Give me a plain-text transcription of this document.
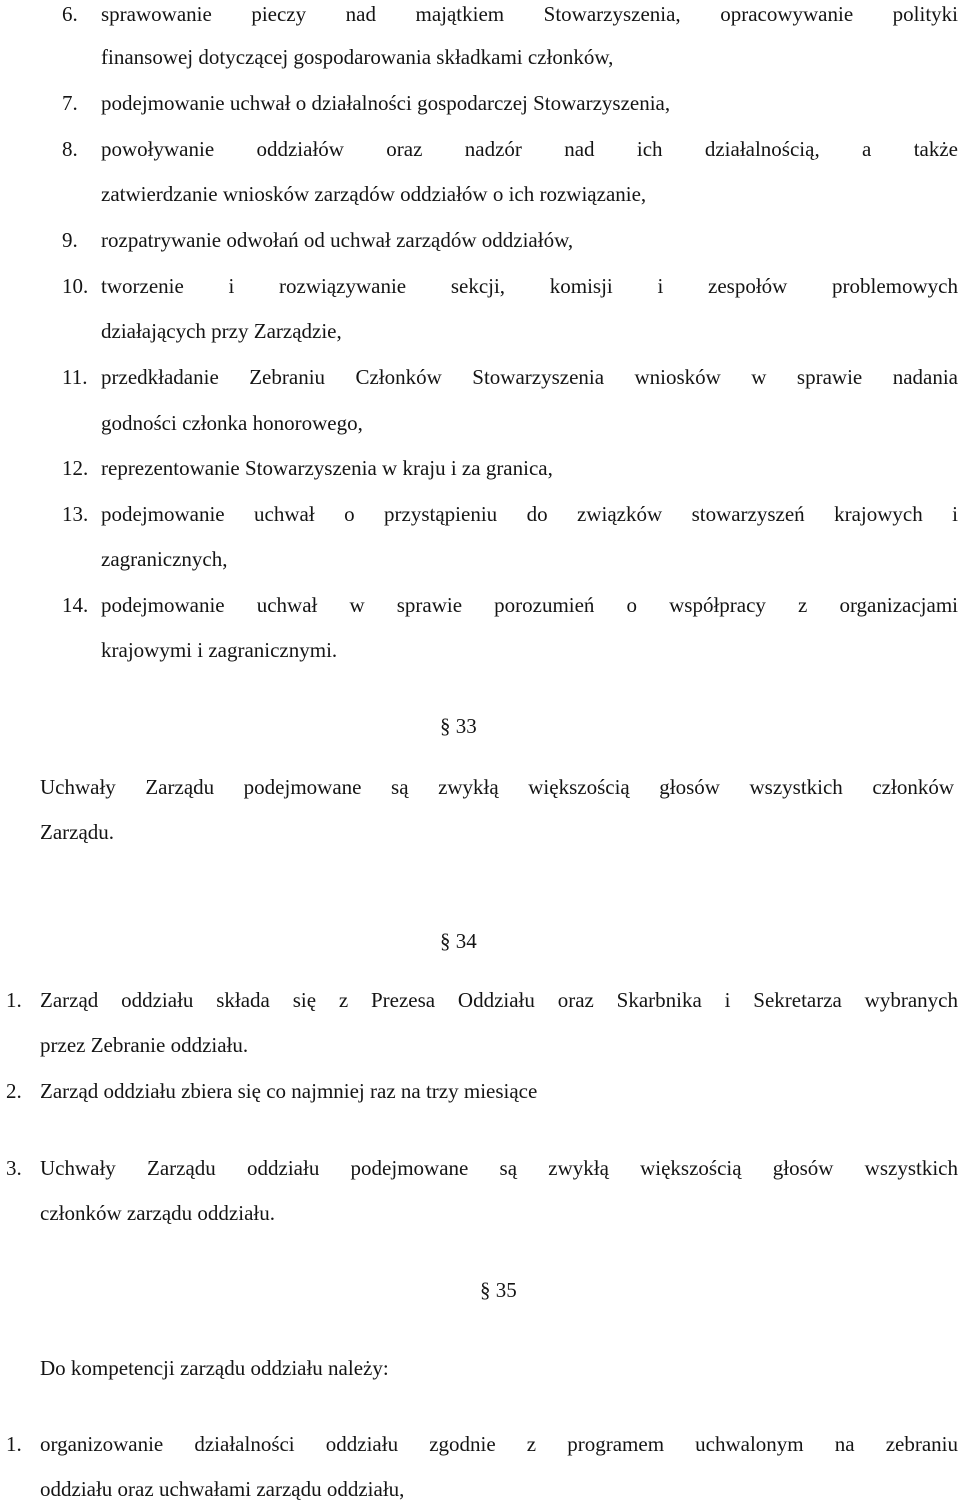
6. sprawowanie pieczy nad majątkiem Stowarzyszenia, opracowywanie polityki
finansowej dotyczącej gospodarowania składkami członków,
7. podejmowanie uchwał o działalności gospodarczej Stowarzyszenia,
8. powoływanie oddziałów oraz nadzór nad ich działalnością, a także
zatwierdzanie wniosków zarządów oddziałów o ich rozwiązanie,
9. rozpatrywanie odwołań od uchwał zarządów oddziałów,
10. tworzenie i rozwiązywanie sekcji, komisji i zespołów problemowych
działających przy Zarządzie,
11. przedkładanie Zebraniu Członków Stowarzyszenia wniosków w sprawie nadania
godności członka honorowego,
12. reprezentowanie Stowarzyszenia w kraju i za granica,
13. podejmowanie uchwał o przystąpieniu do związków stowarzyszeń krajowych i
zagranicznych,
14. podejmowanie uchwał w sprawie porozumień o współpracy z organizacjami
krajowymi i zagranicznymi.
§ 33
Uchwały Zarządu podejmowane są zwykłą większością głosów wszystkich członków
Zarządu.
§ 34
1. Zarząd oddziału składa się z Prezesa Oddziału oraz Skarbnika i Sekretarza wybranych
przez Zebranie oddziału.
2. Zarząd oddziału zbiera się co najmniej raz na trzy miesiące
3. Uchwały Zarządu oddziału podejmowane są zwykłą większością głosów wszystkich
członków zarządu oddziału.
§ 35
Do kompetencji zarządu oddziału należy:
1. organizowanie działalności oddziału zgodnie z programem uchwalonym na zebraniu
oddziału oraz uchwałami zarządu oddziału,
